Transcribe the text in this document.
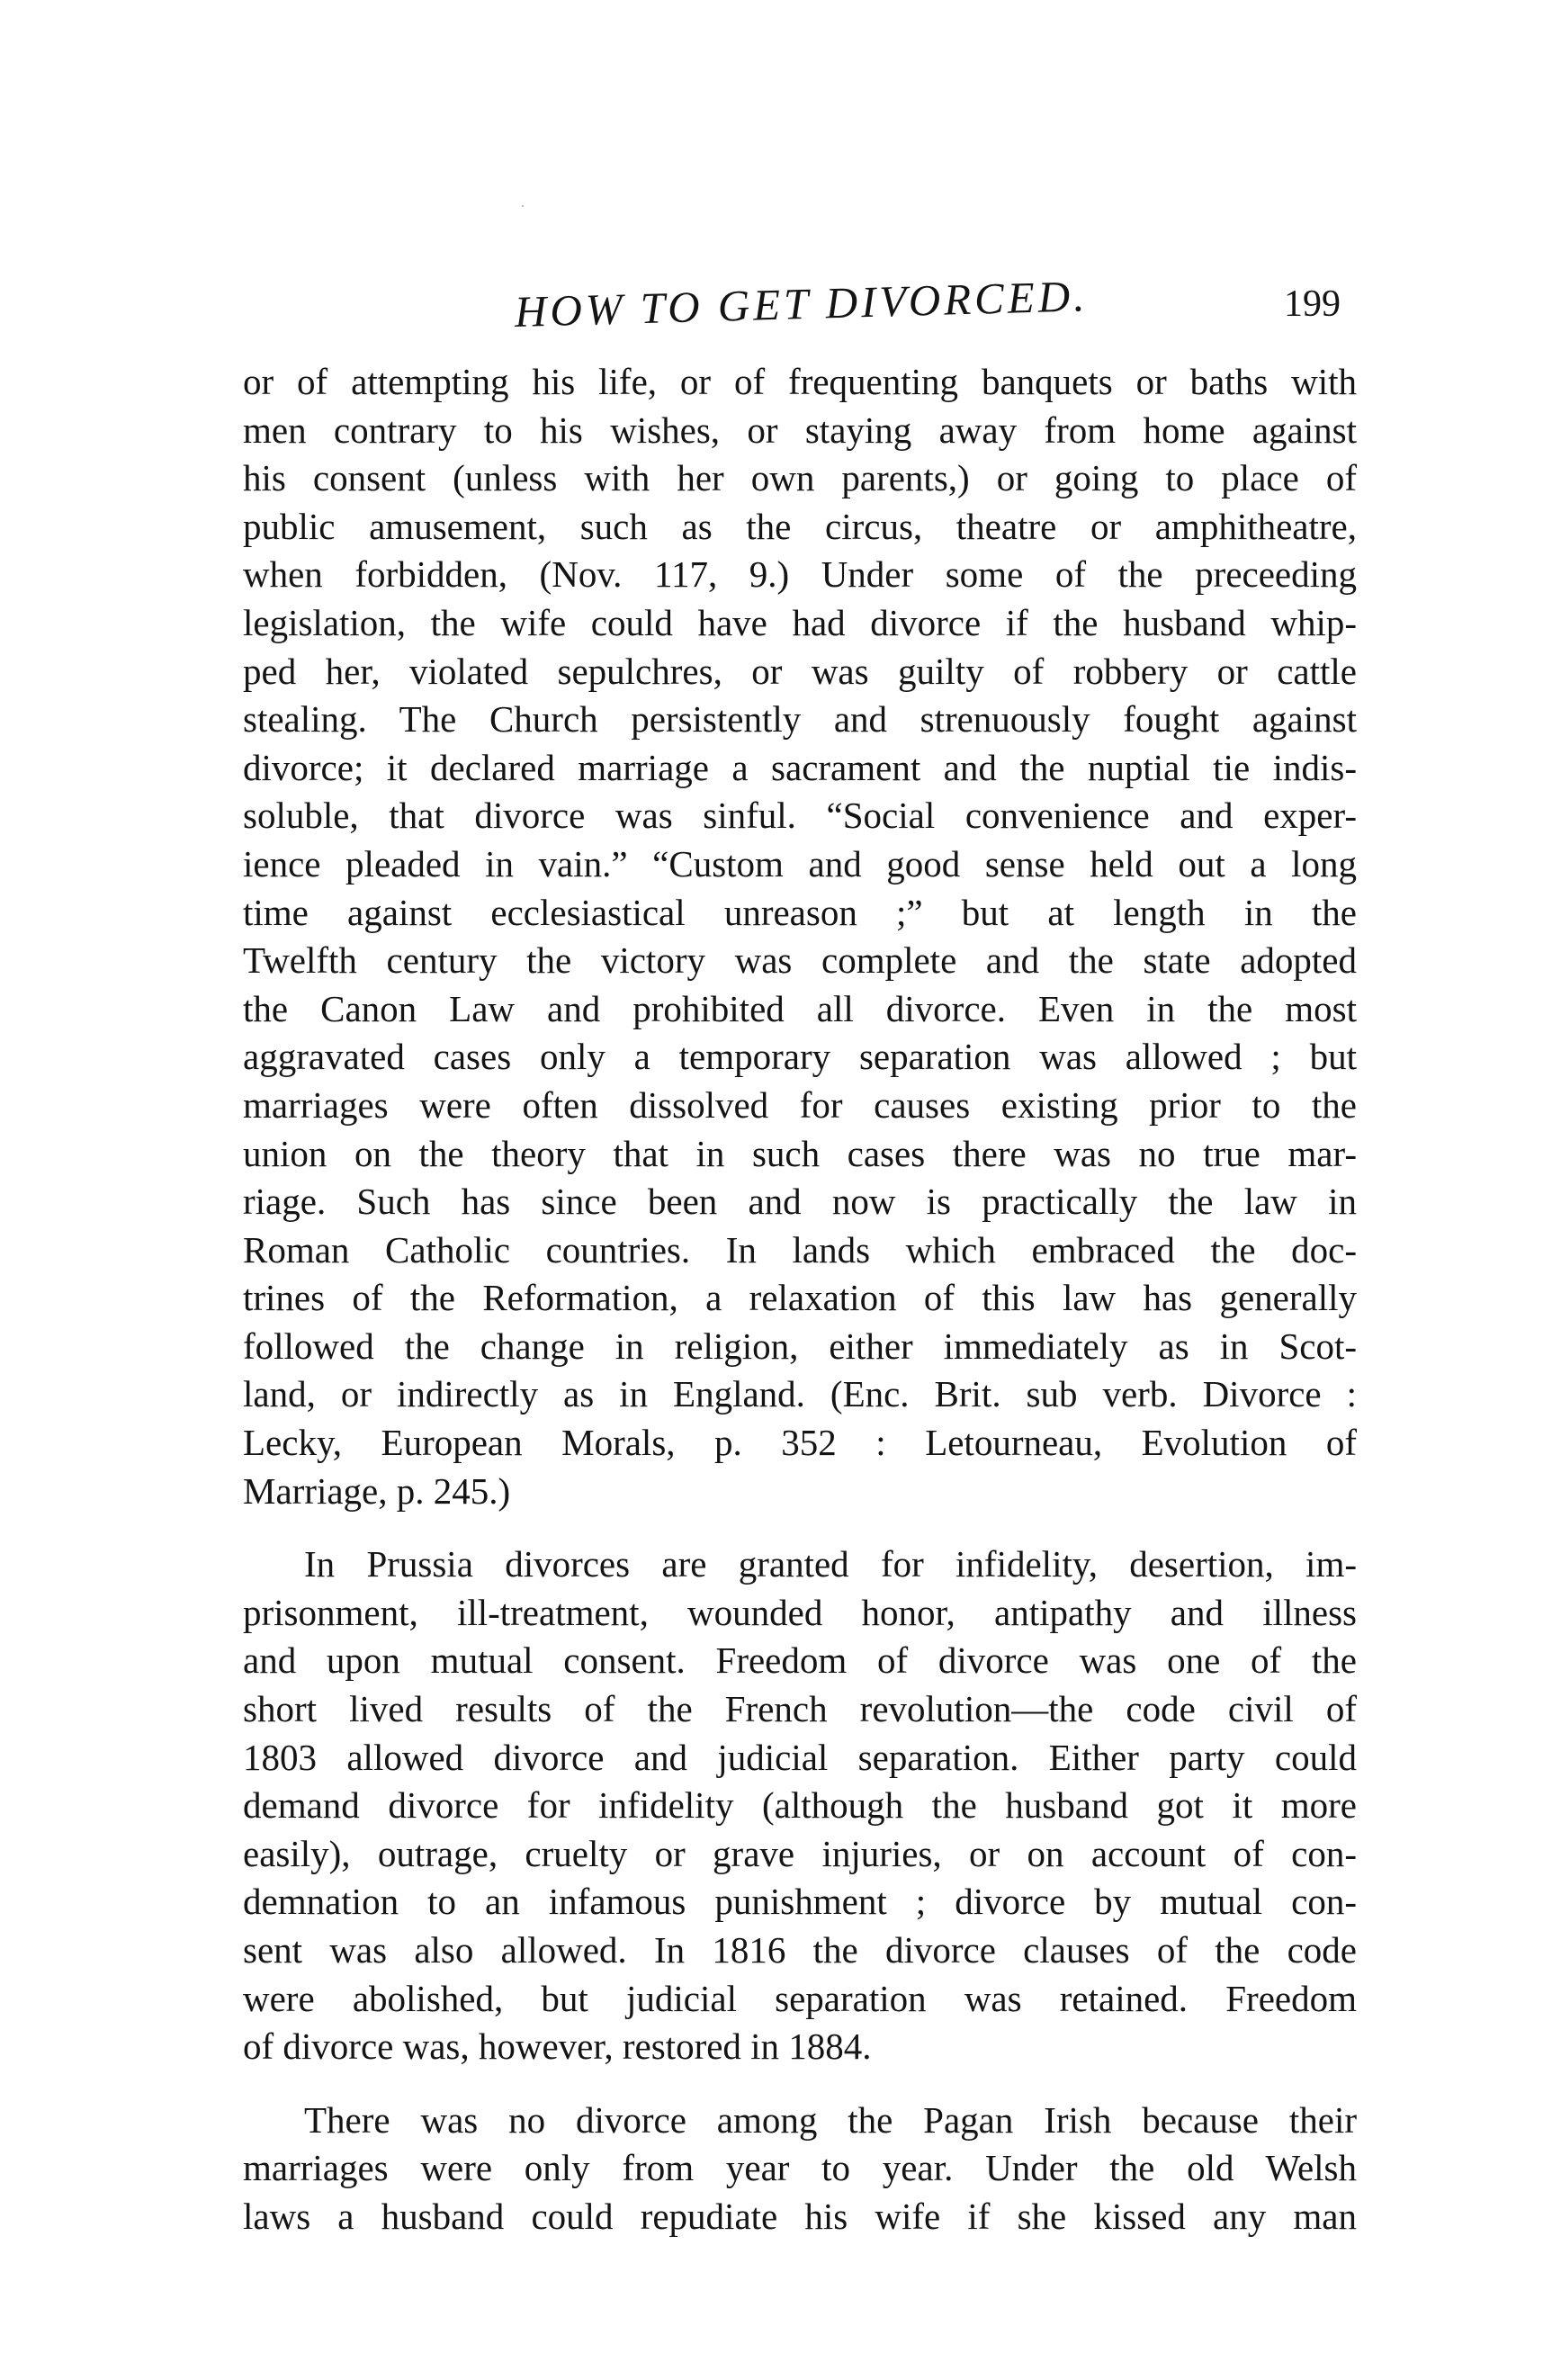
HOW TO GET DIVORCED.	199
or of attempting his life, or of frequenting banquets or baths with
men contrary to his wishes, or staying away from home against
his consent (unless with her own parents,) or going to place of
public amusement, such as the circus, theatre or amphitheatre,
when forbidden, (Nov. 117, 9.) Under some of the preceeding
legislation, the wife could have had divorce if the husband whip-
ped her, violated sepulchres, or was guilty of robbery or cattle
stealing. The Church persistently and strenuously fought against
divorce; it declared marriage a sacrament and the nuptial tie indis-
soluble, that divorce was sinful. “Social convenience and exper-
ience pleaded in vain.” “Custom and good sense held out a long
time against ecclesiastical unreason ;” but at length in the
Twelfth century the victory was complete and the state adopted
the Canon Law and prohibited all divorce. Even in the most
aggravated cases only a temporary separation was allowed ; but
marriages were often dissolved for causes existing prior to the
union on the theory that in such cases there was no true mar-
riage. Such has since been and now is practically the law in
Roman Catholic countries. In lands which embraced the doc-
trines of the Reformation, a relaxation of this law has generally
followed the change in religion, either immediately as in Scot-
land, or indirectly as in England. (Enc. Brit. sub verb. Divorce :
Lecky, European Morals, p. 352 : Letourneau, Evolution of
Marriage, p. 245.)
In Prussia divorces are granted for infidelity, desertion, im-
prisonment, ill-treatment, wounded honor, antipathy and illness
and upon mutual consent. Freedom of divorce was one of the
short lived results of the French revolution—the code civil of
1803 allowed divorce and judicial separation. Either party could
demand divorce for infidelity (although the husband got it more
easily), outrage, cruelty or grave injuries, or on account of con-
demnation to an infamous punishment ; divorce by mutual con-
sent was also allowed. In 1816 the divorce clauses of the code
were abolished, but judicial separation was retained. Freedom
of divorce was, however, restored in 1884.
There was no divorce among the Pagan Irish because their
marriages were only from year to year. Under the old Welsh
laws a husband could repudiate his wife if she kissed any man
